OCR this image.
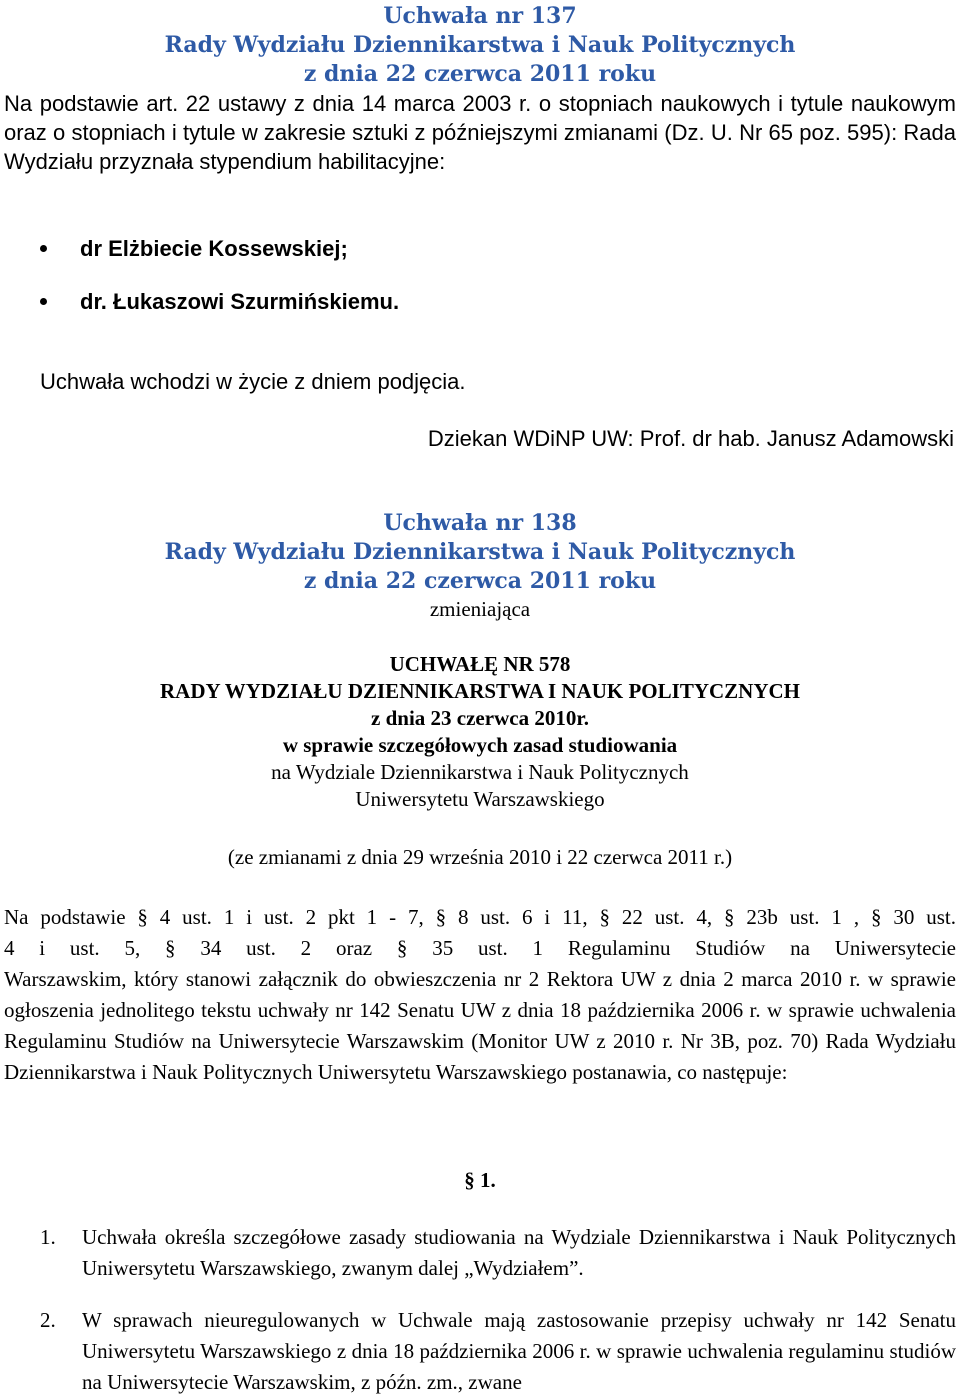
Uchwała nr 137
Rady Wydziału Dziennikarstwa i Nauk Politycznych
z dnia 22 czerwca 2011 roku
Na podstawie art. 22 ustawy z dnia 14 marca 2003 r. o stopniach naukowych i tytule naukowym oraz o stopniach i tytule w zakresie sztuki z późniejszymi zmianami (Dz. U. Nr 65 poz. 595): Rada Wydziału przyznała stypendium habilitacyjne:
dr Elżbiecie Kossewskiej;
dr. Łukaszowi Szurmińskiemu.
Uchwała wchodzi w życie z dniem podjęcia.
Dziekan WDiNP UW: Prof. dr hab. Janusz Adamowski
Uchwała nr 138
Rady Wydziału Dziennikarstwa i Nauk Politycznych
z dnia 22 czerwca 2011 roku
zmieniająca
UCHWAŁĘ NR 578
RADY WYDZIAŁU DZIENNIKARSTWA I NAUK POLITYCZNYCH
z dnia 23 czerwca 2010r.
w sprawie szczegółowych zasad studiowania
na Wydziale Dziennikarstwa i Nauk Politycznych
Uniwersytetu Warszawskiego
(ze zmianami z dnia 29 września 2010 i 22 czerwca 2011 r.)
Na podstawie § 4 ust. 1 i ust. 2 pkt 1 - 7, § 8 ust. 6 i 11, § 22 ust. 4, § 23b ust. 1 , § 30 ust.
4 i ust. 5, § 34 ust. 2 oraz § 35 ust. 1 Regulaminu Studiów na Uniwersytecie
Warszawskim, który stanowi załącznik do obwieszczenia nr 2 Rektora UW z dnia 2 marca 2010 r. w sprawie ogłoszenia jednolitego tekstu uchwały nr 142 Senatu UW z dnia 18 października 2006 r. w sprawie uchwalenia Regulaminu Studiów na Uniwersytecie Warszawskim (Monitor UW z 2010 r. Nr 3B, poz. 70) Rada Wydziału Dziennikarstwa i Nauk Politycznych Uniwersytetu Warszawskiego postanawia, co następuje:
§ 1.
1. Uchwała określa szczegółowe zasady studiowania na Wydziale Dziennikarstwa i Nauk Politycznych Uniwersytetu Warszawskiego, zwanym dalej „Wydziałem”.
2. W sprawach nieuregulowanych w Uchwale mają zastosowanie przepisy uchwały nr 142 Senatu Uniwersytetu Warszawskiego z dnia 18 października 2006 r. w sprawie uchwalenia regulaminu studiów na Uniwersytecie Warszawskim, z późn. zm., zwane
